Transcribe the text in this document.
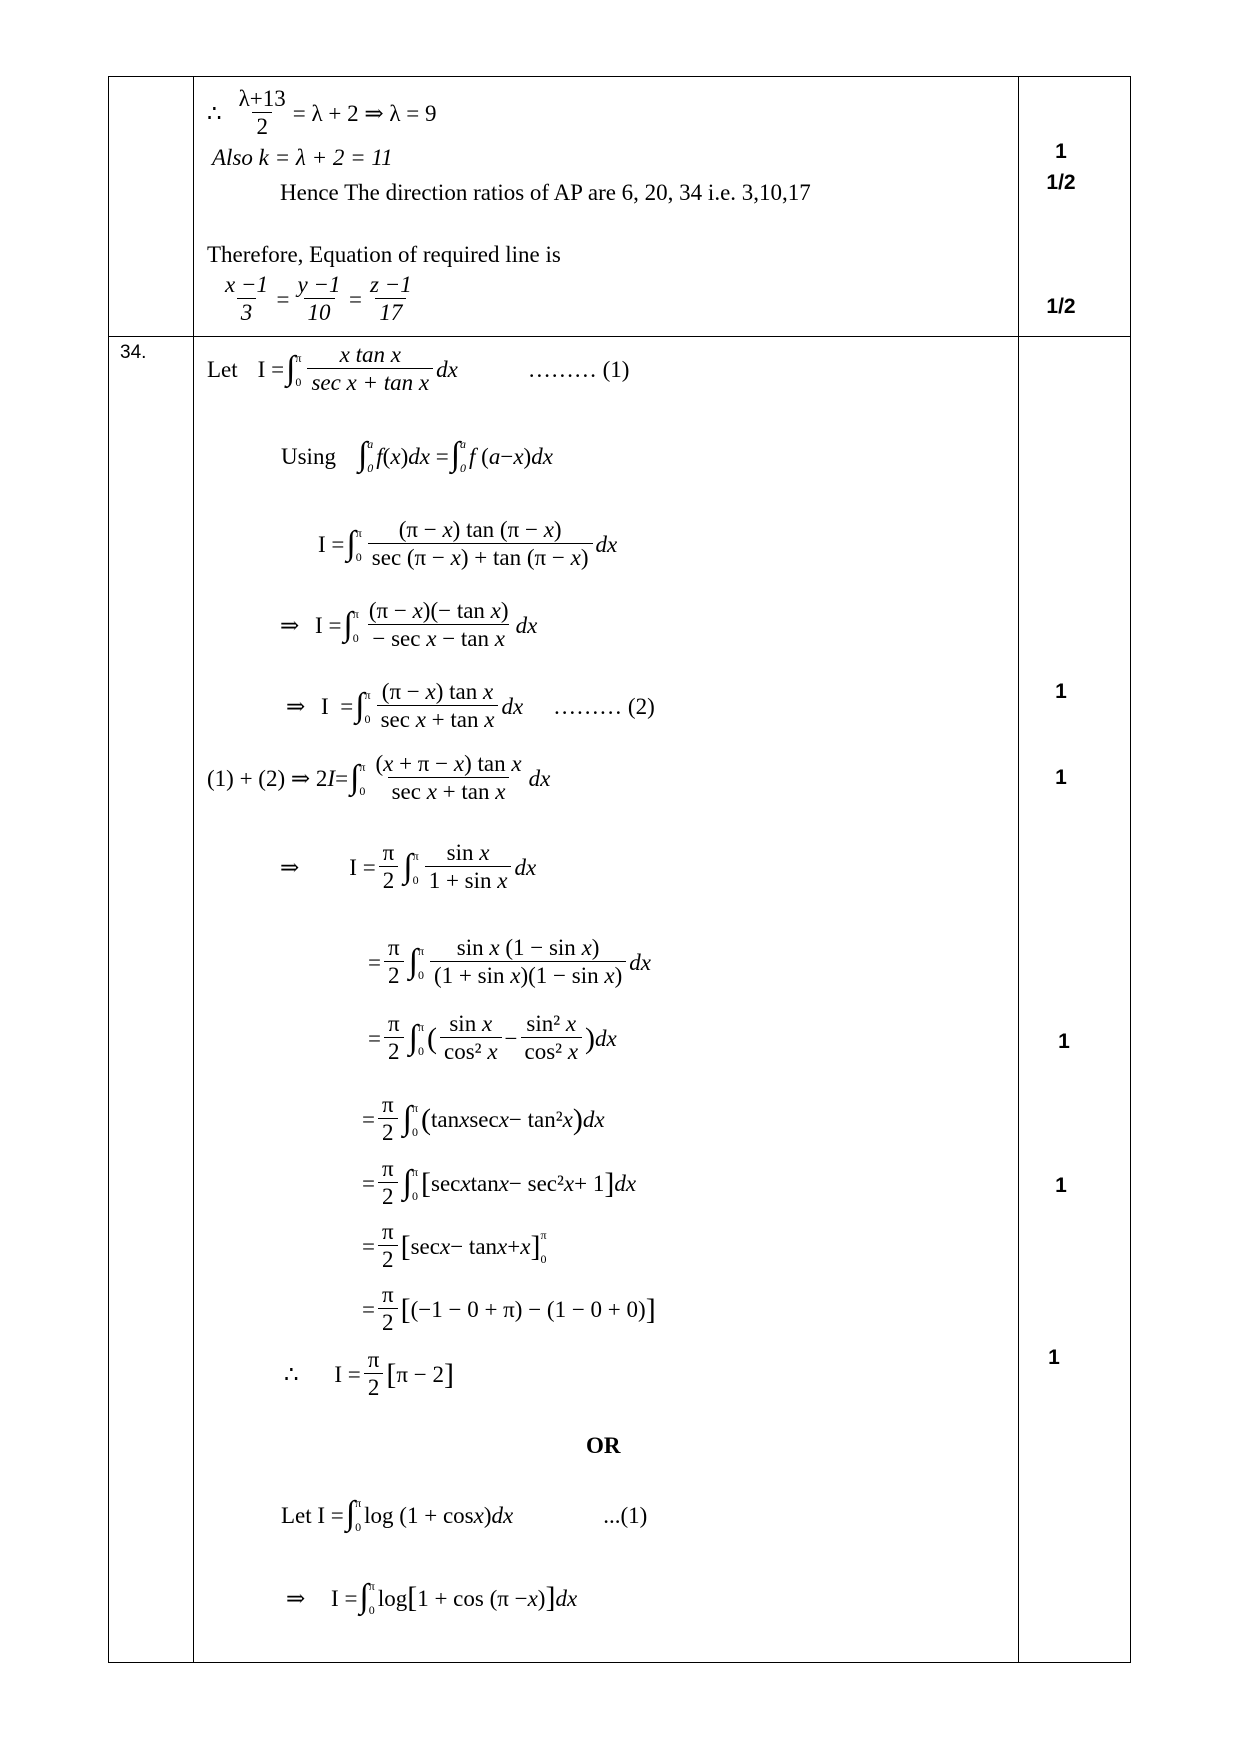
∴ $\frac{\lambda+13}{2} = \lambda + 2$ ⇒ λ = 9
Also k = λ + 2 = 11
Hence The direction ratios of AP are 6, 20, 34 i.e. 3,10,17
Therefore, Equation of required line is
$\frac{x -1}{3} = \frac{y -1}{10} = \frac{z -1}{17}$
1
1/2
1/2
34.
Let I = ∫ π
$0 \frac{\text{x tan x}}{\text{sec x + tan x}}$ dx	……… (1)
Using ∫ a
0 f ( x ) dx = ∫ a
0 f ( a − x ) dx
I = ∫ π
$0 \frac{(\pi - x) \tan (\pi - x)}{\sec (\pi - x) + \tan (\pi - x)}$ dx
⇒
I = ∫ π
$0 \frac{\text{(π − x)(− tan x)}}{\text{− sec x − tan x}}$ dx
⇒
I  = ∫ π
$0 \frac{\text{(π − x) tan x}}{\text{sec x + tan x}}$ dx ……… (2)
(1) + (2) ⇒ 2 I = ∫ π
$0 \frac{\text{(x + π − x) tan x}}{\text{sec x + tan x}}$ dx
⇒ $I = \frac{\pi}{2}$ ∫ π
$0 \frac{\text{sin x}}{\text{1 + sin x}}$ dx
= $\frac{\pi}{2}$ ∫ π
$0 \frac{\text{sin x (1 − sin x)}}{\text{(1 + sin x)(1 − sin x)}}$ dx
= $\frac{\pi}{2}$ ∫ π
0 ( $\frac{\text{sin x}}{\text{cos² x}} - \frac{\text{sin² x}}{\text{cos² x}}$ ) dx
= $\frac{\pi}{2}$ ∫ π
0 ( tan x sec x − tan² x ) dx
= $\frac{\pi}{2}$ ∫ π
0 [ sec x tan x − sec² x + 1 ] dx
= $\frac{\pi}{2}$ [ sec x − tan x + x ] π
0
= $\frac{\pi}{2}$ [ (−1 − 0 + π) − (1 − 0 + 0) ]
∴
$I = \frac{\pi}{2}$ [ π − 2 ]
OR
Let I = ∫ π
0 log (1 + cos x ) dx	...(1)
⇒
I = ∫ π
0 log [ 1 + cos (π − x ) ] dx
1
1
1
1
1
